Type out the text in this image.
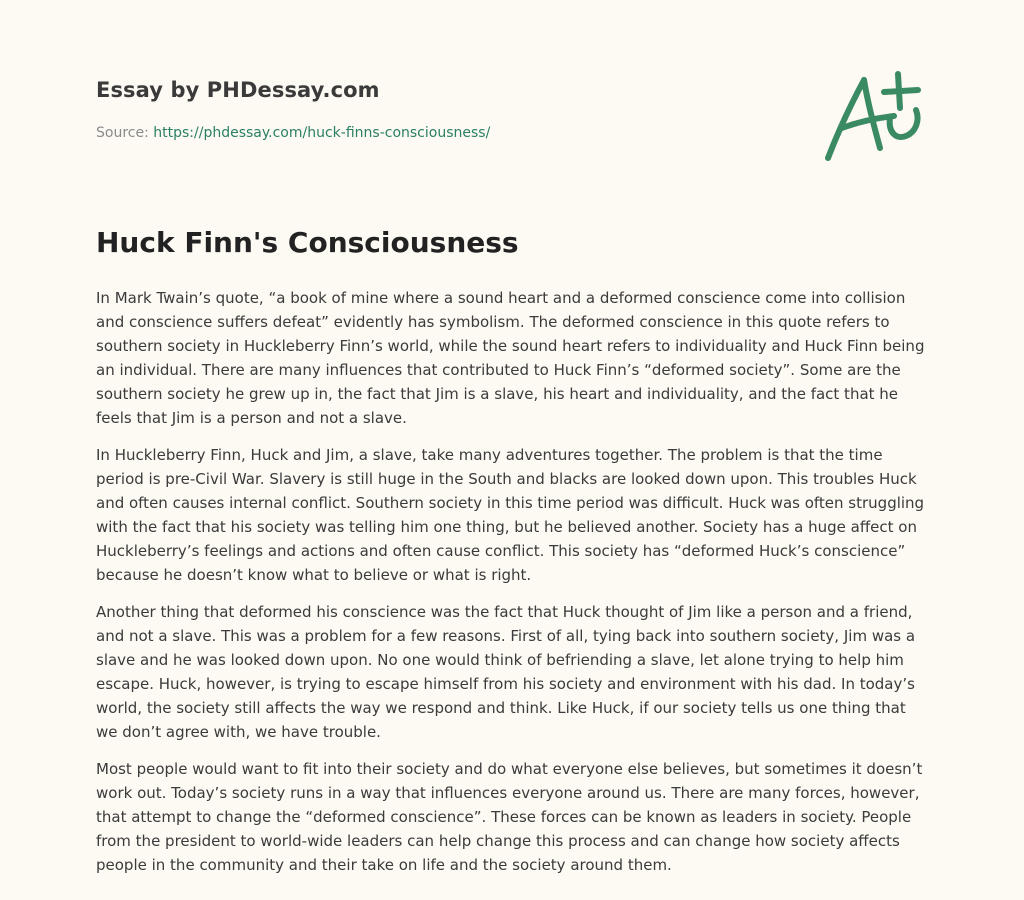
Essay by PHDessay.com
Source: https://phdessay.com/huck-finns-consciousness/
Huck Finn's Consciousness

In Mark Twain’s quote, “a book of mine where a sound heart and a deformed conscience come into collision and conscience suffers defeat” evidently has symbolism. The deformed conscience in this quote refers to southern society in Huckleberry Finn’s world, while the sound heart refers to individuality and Huck Finn being an individual. There are many influences that contributed to Huck Finn’s “deformed society”. Some are the southern society he grew up in, the fact that Jim is a slave, his heart and individuality, and the fact that he feels that Jim is a person and not a slave.

In Huckleberry Finn, Huck and Jim, a slave, take many adventures together. The problem is that the time period is pre-Civil War. Slavery is still huge in the South and blacks are looked down upon. This troubles Huck and often causes internal conflict. Southern society in this time period was difficult. Huck was often struggling with the fact that his society was telling him one thing, but he believed another. Society has a huge affect on Huckleberry’s feelings and actions and often cause conflict. This society has “deformed Huck’s conscience” because he doesn’t know what to believe or what is right.

Another thing that deformed his conscience was the fact that Huck thought of Jim like a person and a friend, and not a slave. This was a problem for a few reasons. First of all, tying back into southern society, Jim was a slave and he was looked down upon. No one would think of befriending a slave, let alone trying to help him escape. Huck, however, is trying to escape himself from his society and environment with his dad. In today’s world, the society still affects the way we respond and think. Like Huck, if our society tells us one thing that we don’t agree with, we have trouble.

Most people would want to fit into their society and do what everyone else believes, but sometimes it doesn’t work out. Today’s society runs in a way that influences everyone around us. There are many forces, however, that attempt to change the “deformed conscience”. These forces can be known as leaders in society. People from the president to world-wide leaders can help change this process and can change how society affects people in the community and their take on life and the society around them.
